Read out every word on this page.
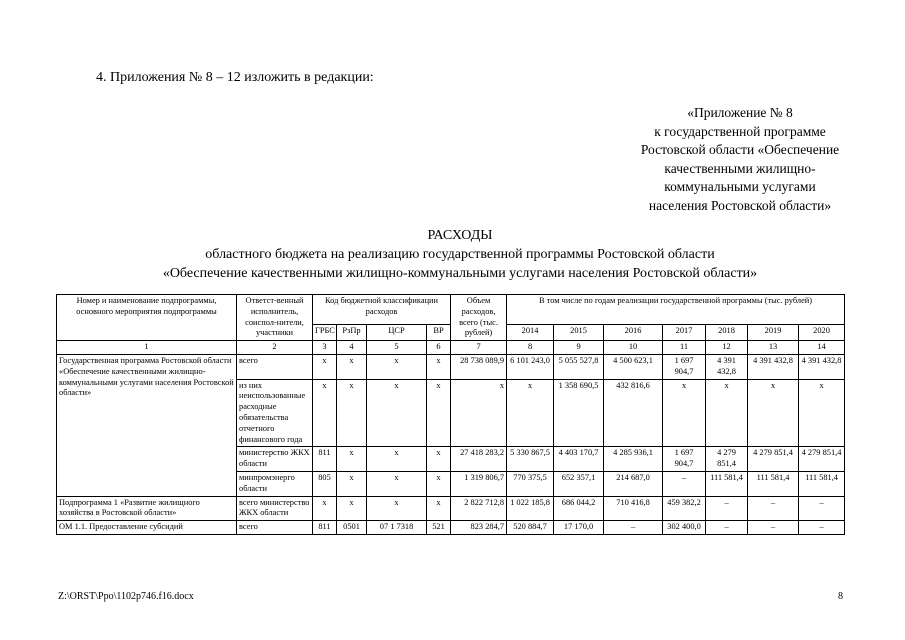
4. Приложения № 8 – 12 изложить в редакции:
«Приложение № 8
к государственной программе
Ростовской области «Обеспечение
качественными жилищно-
коммунальными услугами
населения Ростовской области»
РАСХОДЫ
областного бюджета на реализацию государственной программы Ростовской области
«Обеспечение качественными жилищно-коммунальными услугами населения Ростовской области»
Номер и наименование подпрограммы, основного мероприятия подпрограммы	Ответст-венный исполнитель, соиспол-нители, участники	Код бюджетной классификации расходов				Объем расходов, всего (тыс. рублей)	В том числе по годам реализации государственной программы (тыс. рублей)						
		ГРБС	РзПр	ЦСР	ВР		2014	2015	2016	2017	2018	2019	2020
1	2	3	4	5	6	7	8	9	10	11	12	13	14
Государственная программа Ростовской области «Обеспечение качественными жилищно-коммунальными услугами населения Ростовской области»	всего	x	x	x	x	28 738 089,9	6 101 243,0	5 055 527,8	4 500 623,1	1 697 904,7	4 391 432,8	4 391 432,8	4 391 432,8
	из них неиспользованные расходные обязательства отчетного финансового года	x	x	x	x	x	x	1 358 690,5	432 816,6	x	x	x	x
	министерство ЖКХ области	811	x	x	x	27 418 283,2	5 330 867,5	4 403 170,7	4 285 936,1	1 697 904,7	4 279 851,4	4 279 851,4	4 279 851,4
	минпромэнерго области	805	x	x	x	1 319 806,7	770 375,5	652 357,1	214 687,0	–	111 581,4	111 581,4	111 581,4
Подпрограмма 1 «Развитие жилищного хозяйства в Ростовской области»	всего министерство ЖКХ области	x	x	x	x	2 822 712,8	1 022 185,8	686 044,2	710 416,8	459 382,2	–	–	–
ОМ 1.1. Предоставление субсидий	всего	811	0501	07 1 7318	521	823 284,7	520 884,7	17 170,0	–	302 400,0	–	–	–
Z:\ORST\Ppo\1102p746.f16.docx	8
